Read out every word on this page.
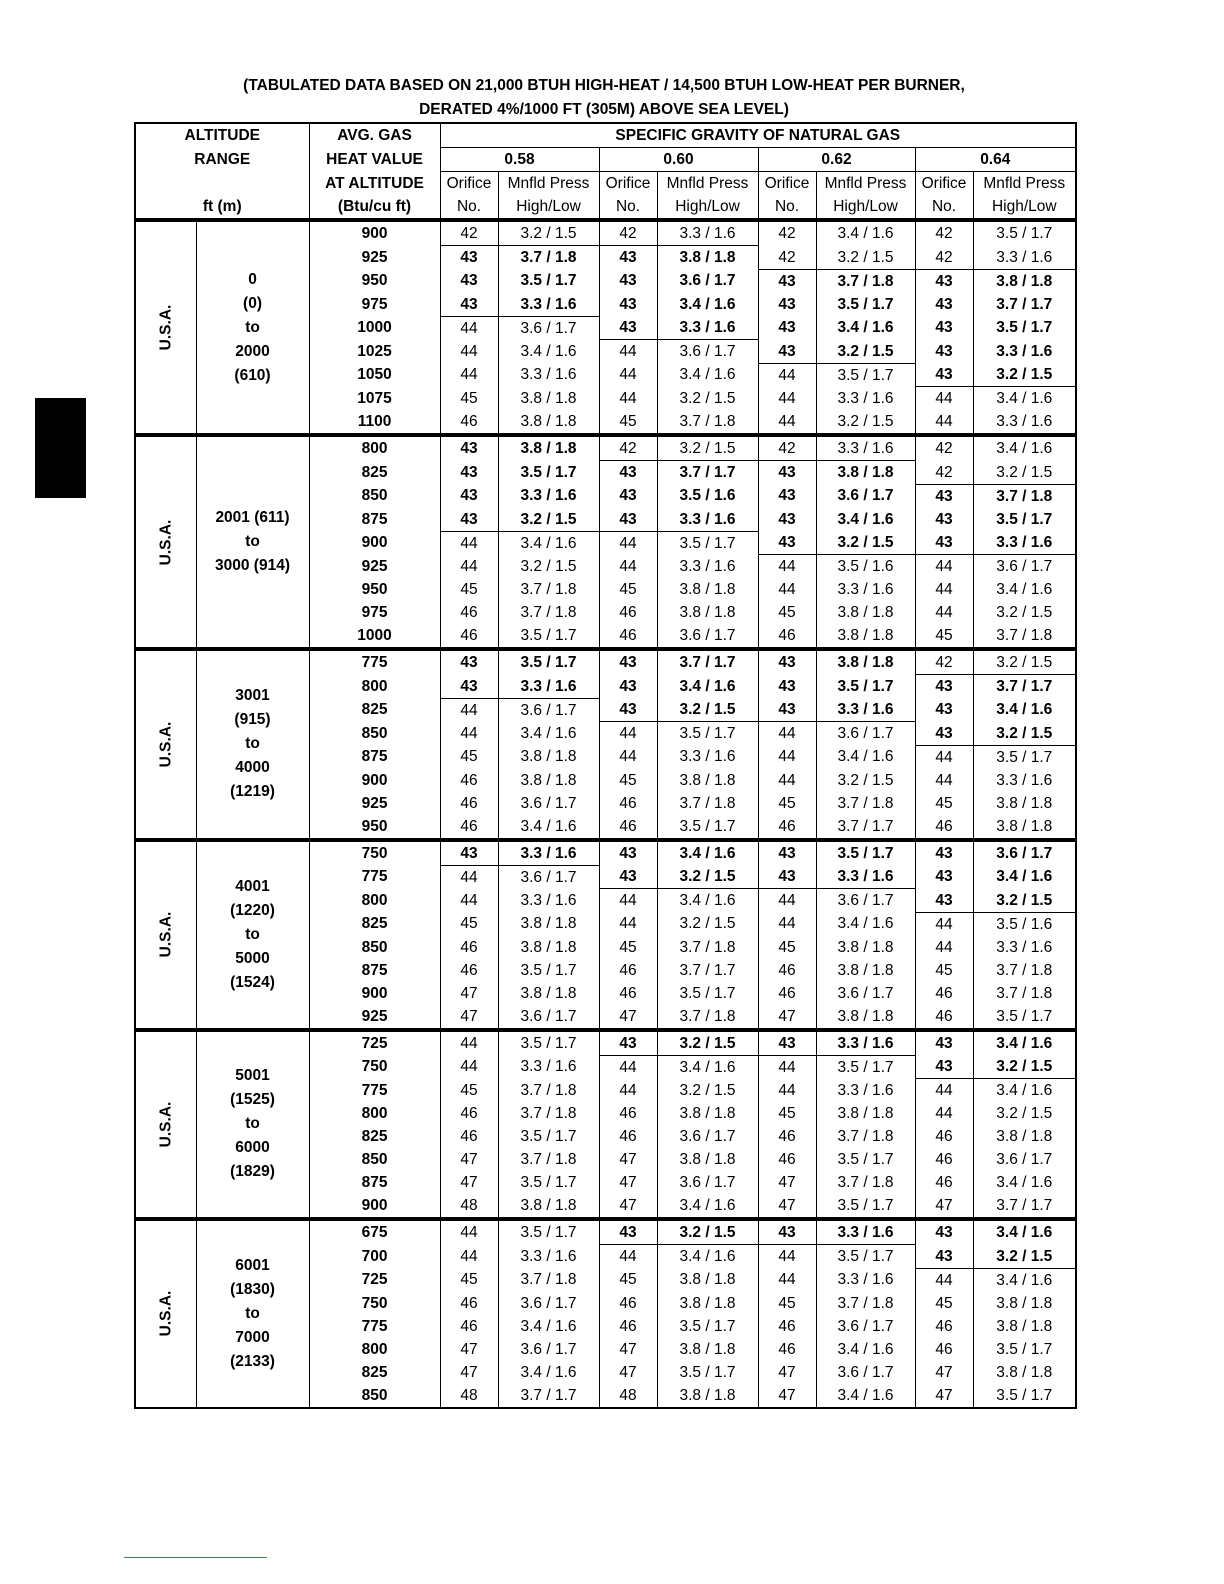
(TABULATED DATA BASED ON 21,000 BTUH HIGH-HEAT / 14,500 BTUH LOW-HEAT PER BURNER,
DERATED 4%/1000 FT (305M) ABOVE SEA LEVEL)
ALTITUDE		AVG. GAS	SPECIFIC GRAVITY OF NATURAL GAS							
RANGE		HEAT VALUE	0.58		0.60		0.62		0.64	
		AT ALTITUDE	Orifice	Mnfld Press	Orifice	Mnfld Press	Orifice	Mnfld Press	Orifice	Mnfld Press
ft (m)		(Btu/cu ft)	No.	High/Low	No.	High/Low	No.	High/Low	No.	High/Low
U.S.A.	0
(0)
to
2000
(610)	900	42	3.2 / 1.5	42	3.3 / 1.6	42	3.4 / 1.6	42	3.5 / 1.7
		925	43	3.7 / 1.8	43	3.8 / 1.8	42	3.2 / 1.5	42	3.3 / 1.6
		950	43	3.5 / 1.7	43	3.6 / 1.7	43	3.7 / 1.8	43	3.8 / 1.8
		975	43	3.3 / 1.6	43	3.4 / 1.6	43	3.5 / 1.7	43	3.7 / 1.7
		1000	44	3.6 / 1.7	43	3.3 / 1.6	43	3.4 / 1.6	43	3.5 / 1.7
		1025	44	3.4 / 1.6	44	3.6 / 1.7	43	3.2 / 1.5	43	3.3 / 1.6
		1050	44	3.3 / 1.6	44	3.4 / 1.6	44	3.5 / 1.7	43	3.2 / 1.5
		1075	45	3.8 / 1.8	44	3.2 / 1.5	44	3.3 / 1.6	44	3.4 / 1.6
		1100	46	3.8 / 1.8	45	3.7 / 1.8	44	3.2 / 1.5	44	3.3 / 1.6
U.S.A.	2001 (611)
to
3000 (914)	800	43	3.8 / 1.8	42	3.2 / 1.5	42	3.3 / 1.6	42	3.4 / 1.6
		825	43	3.5 / 1.7	43	3.7 / 1.7	43	3.8 / 1.8	42	3.2 / 1.5
		850	43	3.3 / 1.6	43	3.5 / 1.6	43	3.6 / 1.7	43	3.7 / 1.8
		875	43	3.2 / 1.5	43	3.3 / 1.6	43	3.4 / 1.6	43	3.5 / 1.7
		900	44	3.4 / 1.6	44	3.5 / 1.7	43	3.2 / 1.5	43	3.3 / 1.6
		925	44	3.2 / 1.5	44	3.3 / 1.6	44	3.5 / 1.6	44	3.6 / 1.7
		950	45	3.7 / 1.8	45	3.8 / 1.8	44	3.3 / 1.6	44	3.4 / 1.6
		975	46	3.7 / 1.8	46	3.8 / 1.8	45	3.8 / 1.8	44	3.2 / 1.5
		1000	46	3.5 / 1.7	46	3.6 / 1.7	46	3.8 / 1.8	45	3.7 / 1.8
U.S.A.	3001
(915)
to
4000
(1219)	775	43	3.5 / 1.7	43	3.7 / 1.7	43	3.8 / 1.8	42	3.2 / 1.5
		800	43	3.3 / 1.6	43	3.4 / 1.6	43	3.5 / 1.7	43	3.7 / 1.7
		825	44	3.6 / 1.7	43	3.2 / 1.5	43	3.3 / 1.6	43	3.4 / 1.6
		850	44	3.4 / 1.6	44	3.5 / 1.7	44	3.6 / 1.7	43	3.2 / 1.5
		875	45	3.8 / 1.8	44	3.3 / 1.6	44	3.4 / 1.6	44	3.5 / 1.7
		900	46	3.8 / 1.8	45	3.8 / 1.8	44	3.2 / 1.5	44	3.3 / 1.6
		925	46	3.6 / 1.7	46	3.7 / 1.8	45	3.7 / 1.8	45	3.8 / 1.8
		950	46	3.4 / 1.6	46	3.5 / 1.7	46	3.7 / 1.7	46	3.8 / 1.8
U.S.A.	4001
(1220)
to
5000
(1524)	750	43	3.3 / 1.6	43	3.4 / 1.6	43	3.5 / 1.7	43	3.6 / 1.7
		775	44	3.6 / 1.7	43	3.2 / 1.5	43	3.3 / 1.6	43	3.4 / 1.6
		800	44	3.3 / 1.6	44	3.4 / 1.6	44	3.6 / 1.7	43	3.2 / 1.5
		825	45	3.8 / 1.8	44	3.2 / 1.5	44	3.4 / 1.6	44	3.5 / 1.6
		850	46	3.8 / 1.8	45	3.7 / 1.8	45	3.8 / 1.8	44	3.3 / 1.6
		875	46	3.5 / 1.7	46	3.7 / 1.7	46	3.8 / 1.8	45	3.7 / 1.8
		900	47	3.8 / 1.8	46	3.5 / 1.7	46	3.6 / 1.7	46	3.7 / 1.8
		925	47	3.6 / 1.7	47	3.7 / 1.8	47	3.8 / 1.8	46	3.5 / 1.7
U.S.A.	5001
(1525)
to
6000
(1829)	725	44	3.5 / 1.7	43	3.2 / 1.5	43	3.3 / 1.6	43	3.4 / 1.6
		750	44	3.3 / 1.6	44	3.4 / 1.6	44	3.5 / 1.7	43	3.2 / 1.5
		775	45	3.7 / 1.8	44	3.2 / 1.5	44	3.3 / 1.6	44	3.4 / 1.6
		800	46	3.7 / 1.8	46	3.8 / 1.8	45	3.8 / 1.8	44	3.2 / 1.5
		825	46	3.5 / 1.7	46	3.6 / 1.7	46	3.7 / 1.8	46	3.8 / 1.8
		850	47	3.7 / 1.8	47	3.8 / 1.8	46	3.5 / 1.7	46	3.6 / 1.7
		875	47	3.5 / 1.7	47	3.6 / 1.7	47	3.7 / 1.8	46	3.4 / 1.6
		900	48	3.8 / 1.8	47	3.4 / 1.6	47	3.5 / 1.7	47	3.7 / 1.7
U.S.A.	6001
(1830)
to
7000
(2133)	675	44	3.5 / 1.7	43	3.2 / 1.5	43	3.3 / 1.6	43	3.4 / 1.6
		700	44	3.3 / 1.6	44	3.4 / 1.6	44	3.5 / 1.7	43	3.2 / 1.5
		725	45	3.7 / 1.8	45	3.8 / 1.8	44	3.3 / 1.6	44	3.4 / 1.6
		750	46	3.6 / 1.7	46	3.8 / 1.8	45	3.7 / 1.8	45	3.8 / 1.8
		775	46	3.4 / 1.6	46	3.5 / 1.7	46	3.6 / 1.7	46	3.8 / 1.8
		800	47	3.6 / 1.7	47	3.8 / 1.8	46	3.4 / 1.6	46	3.5 / 1.7
		825	47	3.4 / 1.6	47	3.5 / 1.7	47	3.6 / 1.7	47	3.8 / 1.8
		850	48	3.7 / 1.7	48	3.8 / 1.8	47	3.4 / 1.6	47	3.5 / 1.7
